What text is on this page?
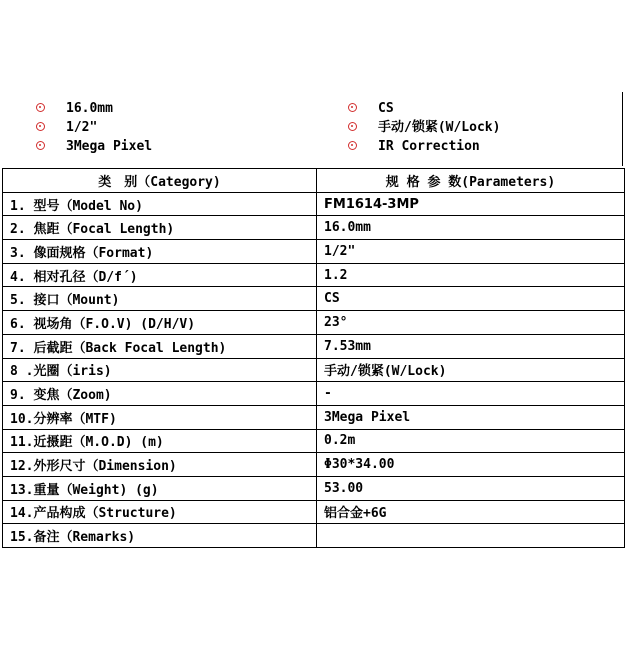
16.0mm	CS
1/2"	手动/锁紧(W/Lock)
3Mega Pixel	IR Correction
类　别（Category)	规 格 参 数(Parameters)
1. 型号（Model No)	FM1614-3MP
2. 焦距（Focal Length)	16.0mm
3. 像面规格（Format)	1/2"
4. 相对孔径（D/f´)	1.2
5. 接口（Mount)	CS
6. 视场角（F.O.V) (D/H/V)	23°
7. 后截距（Back Focal Length)	7.53mm
8 .光圈（iris)	手动/锁紧(W/Lock)
9. 变焦（Zoom)	-
10.分辨率（MTF)	3Mega Pixel
11.近摄距（M.O.D) (m)	0.2m
12.外形尺寸（Dimension)	Φ30*34.00
13.重量（Weight) (g)	53.00
14.产品构成（Structure)	铝合金+6G
15.备注（Remarks)	
